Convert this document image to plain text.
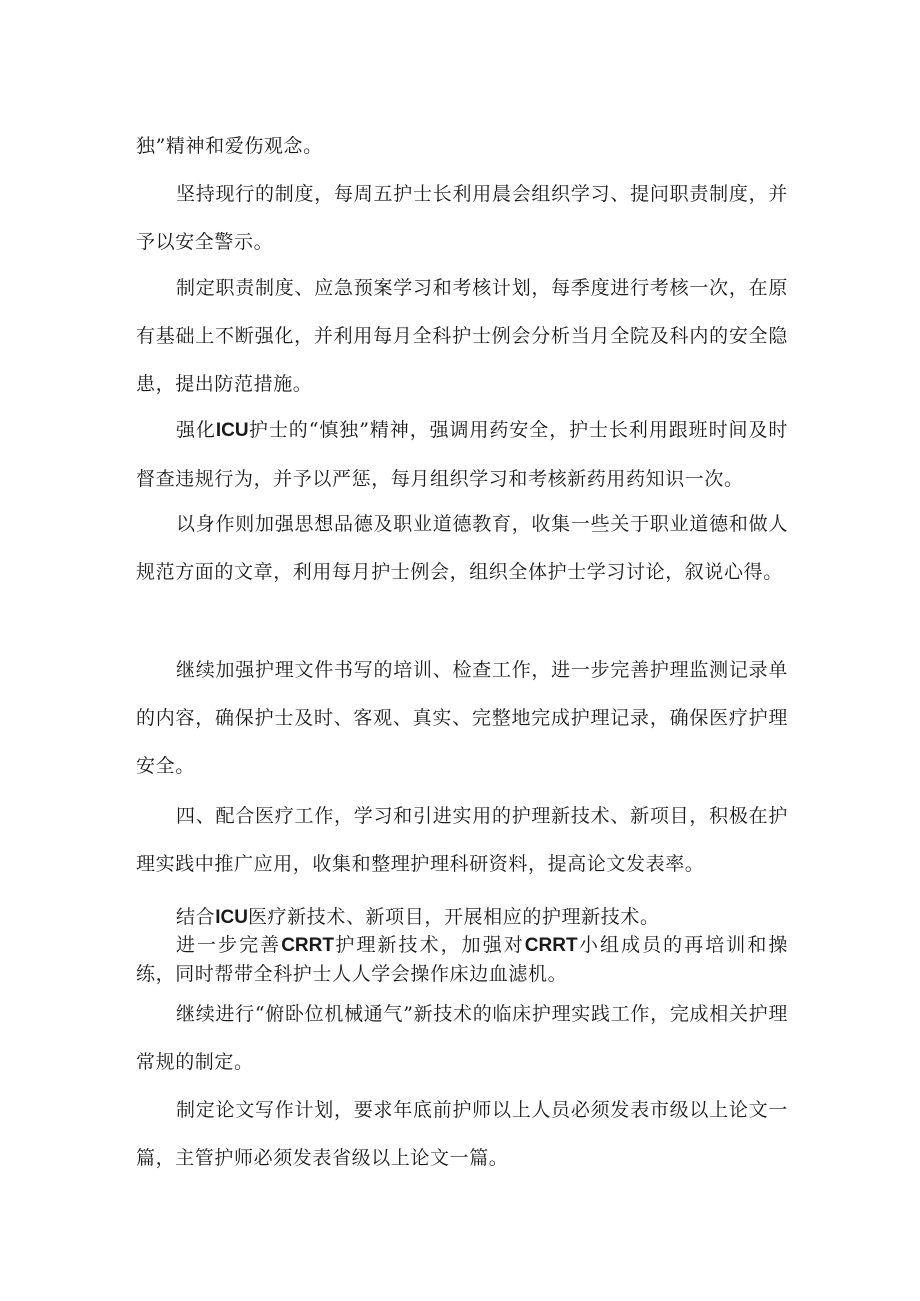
独”精神和爱伤观念。

坚持现行的制度，每周五护士长利用晨会组织学习、提问职责制度，并予以安全警示。

制定职责制度、应急预案学习和考核计划，每季度进行考核一次，在原有基础上不断强化，并利用每月全科护士例会分析当月全院及科内的安全隐患，提出防范措施。

强化ICU护士的“慎独”精神，强调用药安全，护士长利用跟班时间及时督查违规行为，并予以严惩，每月组织学习和考核新药用药知识一次。

以身作则加强思想品德及职业道德教育，收集一些关于职业道德和做人规范方面的文章，利用每月护士例会，组织全体护士学习讨论，叙说心得。

继续加强护理文件书写的培训、检查工作，进一步完善护理监测记录单的内容，确保护士及时、客观、真实、完整地完成护理记录，确保医疗护理安全。

四、配合医疗工作，学习和引进实用的护理新技术、新项目，积极在护理实践中推广应用，收集和整理护理科研资料，提高论文发表率。

结合ICU医疗新技术、新项目，开展相应的护理新技术。

进一步完善CRRT护理新技术，加强对CRRT小组成员的再培训和操练，同时帮带全科护士人人学会操作床边血滤机。

继续进行“俯卧位机械通气”新技术的临床护理实践工作，完成相关护理常规的制定。

制定论文写作计划，要求年底前护师以上人员必须发表市级以上论文一篇，主管护师必须发表省级以上论文一篇。
